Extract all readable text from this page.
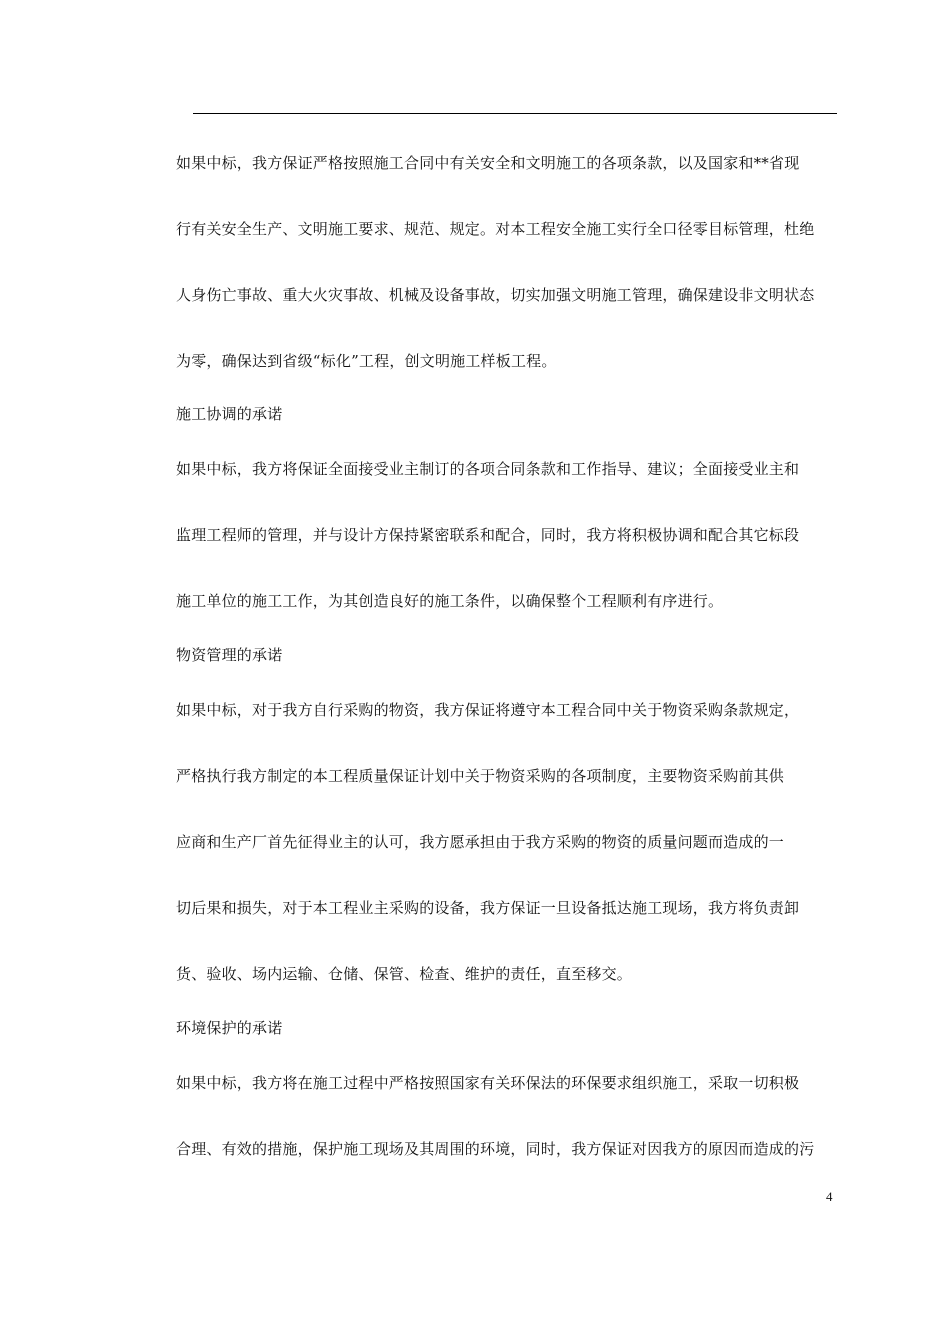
如果中标，我方保证严格按照施工合同中有关安全和文明施工的各项条款，以及国家和**省现

行有关安全生产、文明施工要求、规范、规定。对本工程安全施工实行全口径零目标管理，杜绝

人身伤亡事故、重大火灾事故、机械及设备事故，切实加强文明施工管理，确保建设非文明状态

为零，确保达到省级“标化”工程，创文明施工样板工程。

施工协调的承诺

如果中标，我方将保证全面接受业主制订的各项合同条款和工作指导、建议；全面接受业主和

监理工程师的管理，并与设计方保持紧密联系和配合，同时，我方将积极协调和配合其它标段

施工单位的施工工作，为其创造良好的施工条件，以确保整个工程顺利有序进行。

物资管理的承诺

如果中标，对于我方自行采购的物资，我方保证将遵守本工程合同中关于物资采购条款规定，

严格执行我方制定的本工程质量保证计划中关于物资采购的各项制度，主要物资采购前其供

应商和生产厂首先征得业主的认可，我方愿承担由于我方采购的物资的质量问题而造成的一

切后果和损失，对于本工程业主采购的设备，我方保证一旦设备抵达施工现场，我方将负责卸

货、验收、场内运输、仓储、保管、检查、维护的责任，直至移交。

环境保护的承诺

如果中标，我方将在施工过程中严格按照国家有关环保法的环保要求组织施工，采取一切积极

合理、有效的措施，保护施工现场及其周围的环境，同时，我方保证对因我方的原因而造成的污

4
